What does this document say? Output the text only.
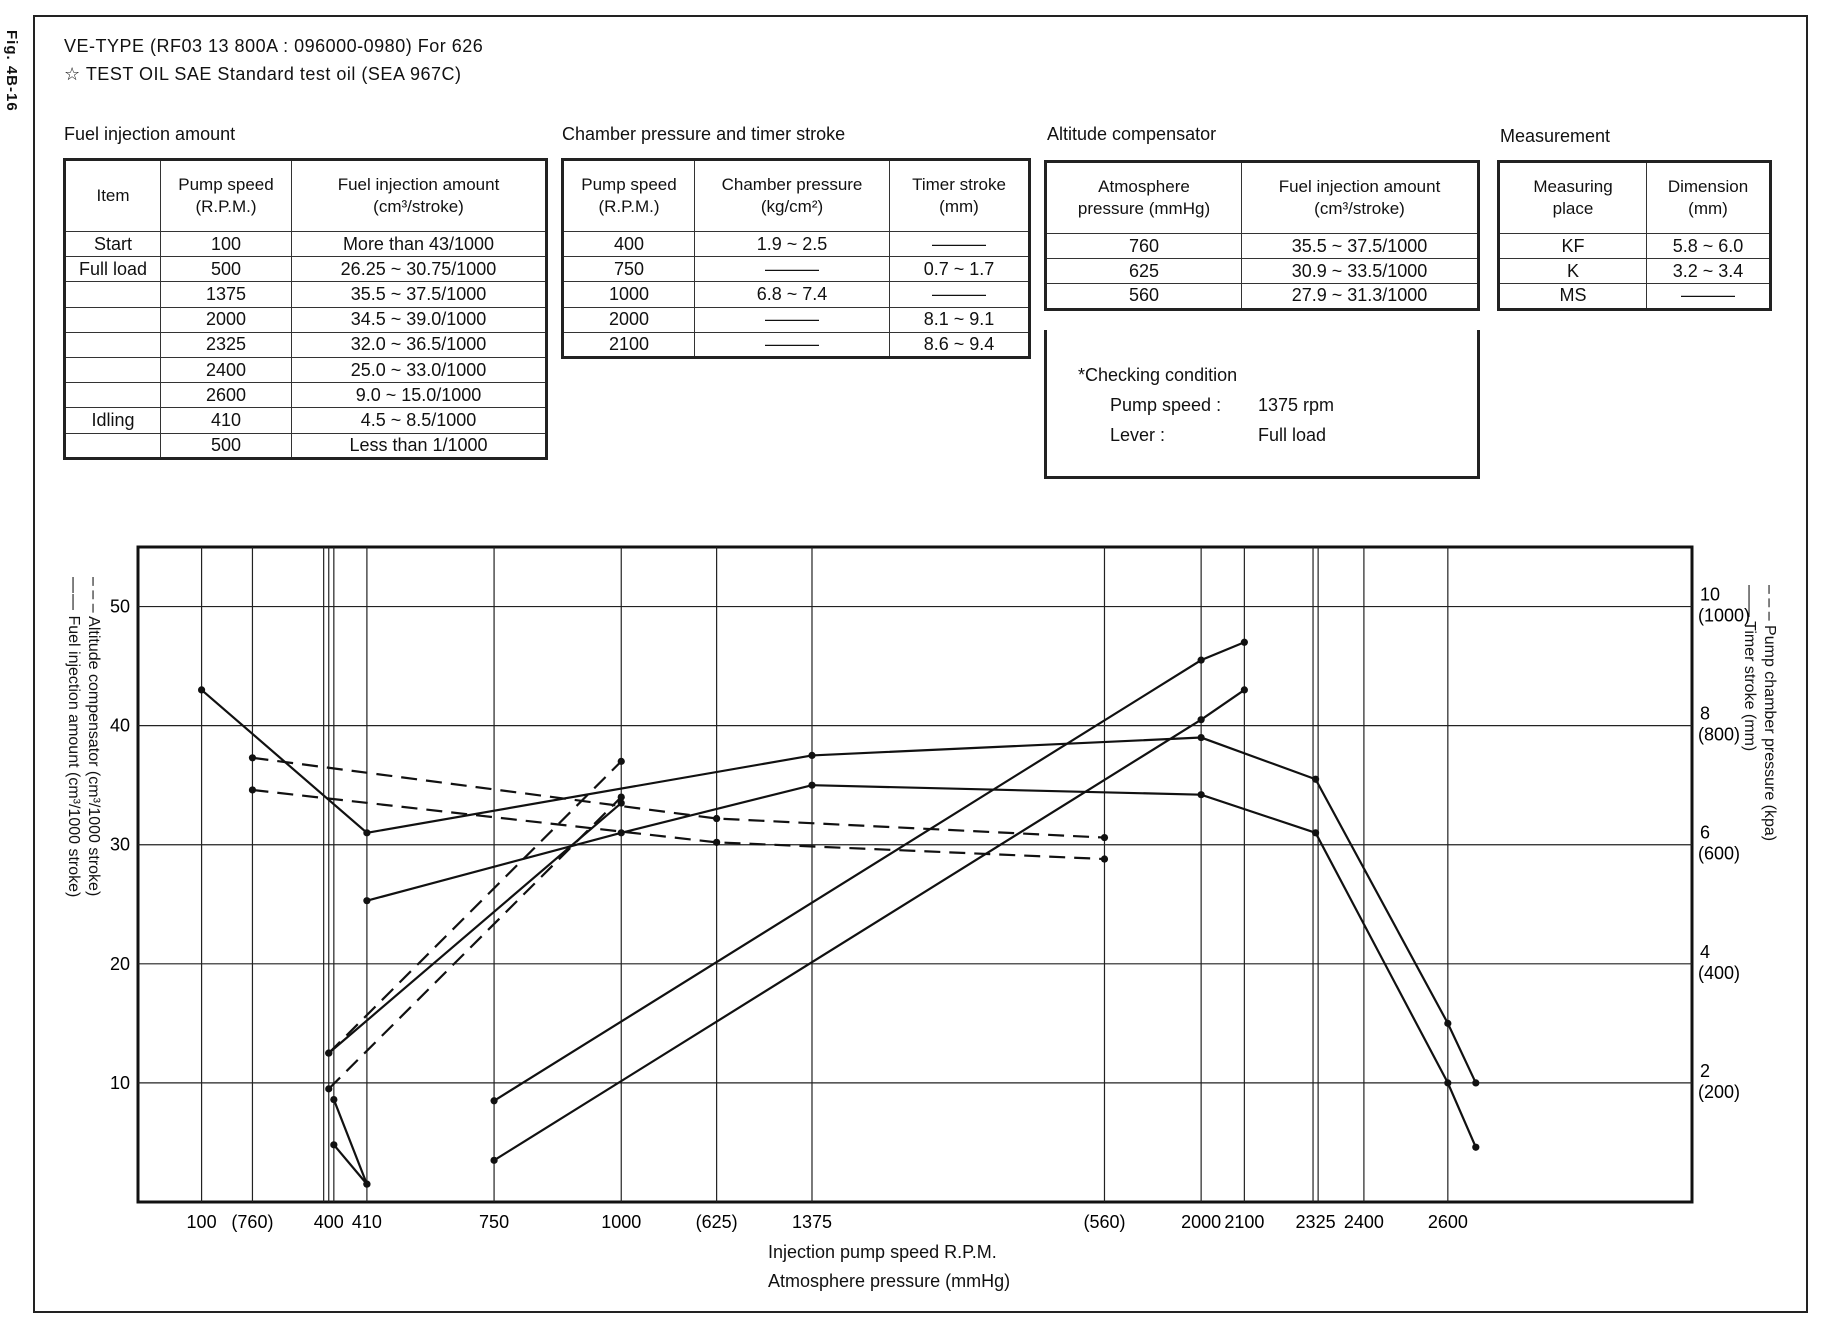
Fig. 4B-16 VE-TYPE (RF03 13 800A : 096000-0980) For 626
☆ TEST OIL SAE Standard test oil (SEA 967C)
Fuel injection amount
Item	Pump speed
(R.P.M.)	Fuel injection amount
(cm³/stroke)
Start	100	More than 43/1000
Full load	500	26.25 ~ 30.75/1000
	1375	35.5 ~ 37.5/1000
	2000	34.5 ~ 39.0/1000
	2325	32.0 ~ 36.5/1000
	2400	25.0 ~ 33.0/1000
	2600	9.0 ~ 15.0/1000
Idling	410	4.5 ~ 8.5/1000
	500	Less than 1/1000
Chamber pressure and timer stroke
Pump speed
(R.P.M.)	Chamber pressure
(kg/cm²)	Timer stroke
(mm)
400	1.9 ~ 2.5	———
750	———	0.7 ~ 1.7
1000	6.8 ~ 7.4	———
2000	———	8.1 ~ 9.1
2100	———	8.6 ~ 9.4
Altitude compensator
Atmosphere
pressure (mmHg)	Fuel injection amount
(cm³/stroke)
760	35.5 ~ 37.5/1000
625	30.9 ~ 33.5/1000
560	27.9 ~ 31.3/1000
*Checking condition
Pump speed :	1375 rpm
Lever :	Full load
Measurement
Measuring
place	Dimension
(mm)
KF	5.8 ~ 6.0
K	3.2 ~ 3.4
MS	———
10
20
30
40
50
2
(200)
4
(400)
6
(600)
8
(800)
10
(1000)
100 (760) 400 410	750	1000	(625)	1375	(560)	2000 2100 2325 2400 2600
—— Fuel injection amount (cm³/1000 stroke)
– – – Altitude compensator (cm³/1000 stroke)
– – – Pump chamber pressure (kpa)
—— Timer stroke (mm)
Injection pump speed R.P.M.
Atmosphere pressure (mmHg)
